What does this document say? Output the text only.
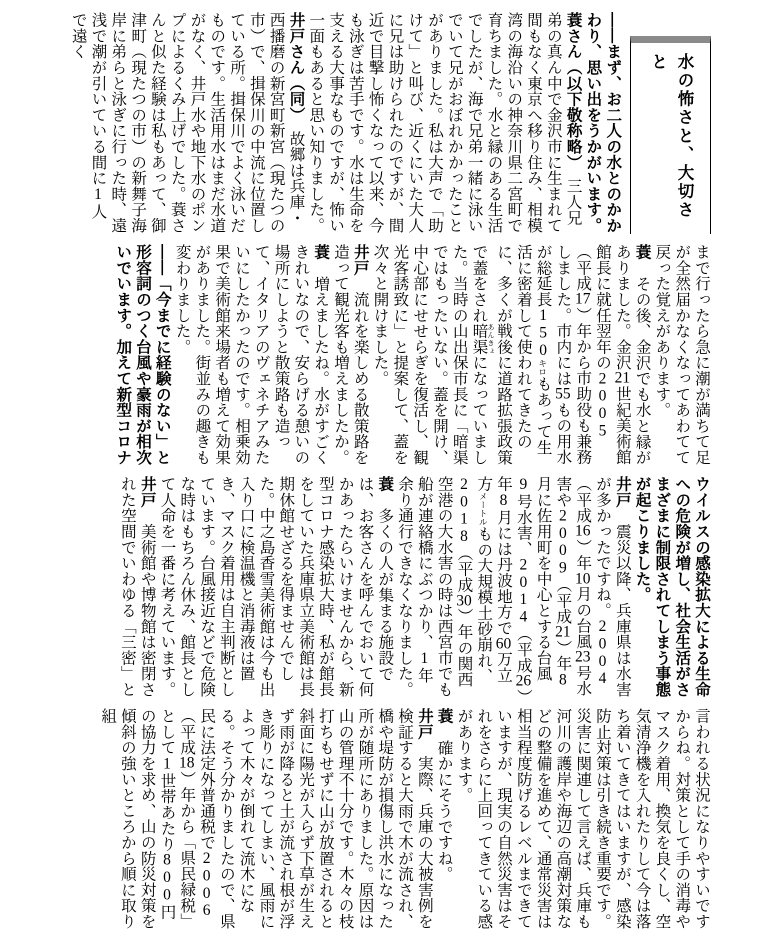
水の怖さと、大切さと

――まず、お二人の水とのかかわり、思い出をうかがいます。

蓑さん（以下敬称略）　三人兄弟の真ん中で金沢市に生まれて間もなく東京へ移り住み、相模湾の海沿いの神奈川県二宮町で育ちました。水と縁のある生活でしたが、海で兄弟一緒に泳いでいて兄がおぼれかかったことがありました。私は大声で「助けて」と叫び、近くにいた大人に兄は助けられたのですが、間近で目撃し怖くなって以来、今も泳ぎは苦手です。水は生命を支える大事なものですが、怖い一面もあると思い知りました。

井戸さん（同）　故郷は兵庫・西播磨の新宮町新宮（現たつの市）で、揖保川の中流に位置している所。揖保川でよく泳いだものです。生活用水はまだ水道がなく、井戸水や地下水のポンプによるくみ上げでした。蓑さんと似た経験は私もあって、御津町（現たつの市）の新舞子海岸に弟らと泳ぎに行った時、遠浅で潮が引いている間に1人で遠く

まで行ったら急に潮が満ちて足が全然届かなくなってあわてて戻った覚えがあります。

蓑　その後、金沢でも水と縁がありました。金沢21世紀美術館館長に就任翌年の2005（平成17）年から市助役も兼務しました。市内には55もの用水が総延長150キロもあって生活に密着して使われてきたのに、多くが戦後に道路拡張政策で蓋をされ暗渠 あんきょになっていました。当時の山出保市長に「暗渠ではもったいない。蓋を開け、中心部にせせらぎを復活し、観光客誘致に」と提案して、蓋を次々と開けました。

井戸　流れを楽しめる散策路を造って観光客も増えましたか。

蓑　増えましたね。水がすごくきれいなので、安らげる憩いの場所にしようと散策路も造って、イタリアのヴェネチアみたいにしたかったのです。相乗効果で美術館来場者も増えて効果がありました。街並みの趣きも変わりました。

――「今までに経験のない」と形容詞のつく台風や豪雨が相次いでいます。加えて新型コロナ

ウイルスの感染拡大による生命への危険が増し、社会生活がさまざまに制限されてしまう事態が起こりました。

井戸　震災以降、兵庫県は水害が多かったですね。2004（平成16）年10月の台風23号水害や2009（平成21）年8月に佐用町を中心とする台風9号水害、2014（平成26）年8月には丹波地方で60万立方メートルもの大規模土砂崩れ、2018（平成30）年の関西空港の大水害の時は西宮市でも船が連絡橋にぶつかり、1年余り通行できなくなりました。

蓑　多くの人が集まる施設では、お客さんを呼んでおいて何かあったらいけませんから、新型コロナ感染拡大時、私が館長をしていた兵庫県立美術館は長期休館せざるを得ませんでした。中之島香雪美術館は今も出入り口に検温機と消毒液は置き、マスク着用は自主判断としています。台風接近などで危険な時はもちろん休み、館長として人命を一番に考えています。

井戸　美術館や博物館は密閉された空間でいわゆる「三密」と

言われる状況になりやすいですからね。対策として手の消毒やマスク着用、換気を良くし、空気清浄機を入れたりして今は落ち着いてきてはいますが、感染防止対策は引き続き重要です。災害に関連して言えば、兵庫も河川の護岸や海辺の高潮対策などの整備を進めて、通常災害は相当程度防げるレベルまできていますが、現実の自然災害はそれをさらに上回ってきている感があります。

蓑　確かにそうですね。

井戸　実際、兵庫の大被害例を検証すると大雨で木が流され、橋や堤防が損傷し洪水になった所が随所にありました。原因は山の管理不十分です。木々の枝打ちもせずに山が放置されると斜面に陽光が入らず下草が生えず雨が降ると土が流され根が浮き彫りになってしまい、風雨によって木々が倒れて流木になる。そう分かりましたので、県民に法定外普通税で2006（平成18）年から「県民緑税」として1世帯あたり800円の協力を求め、山の防災対策を傾斜の強いところから順に取り組
